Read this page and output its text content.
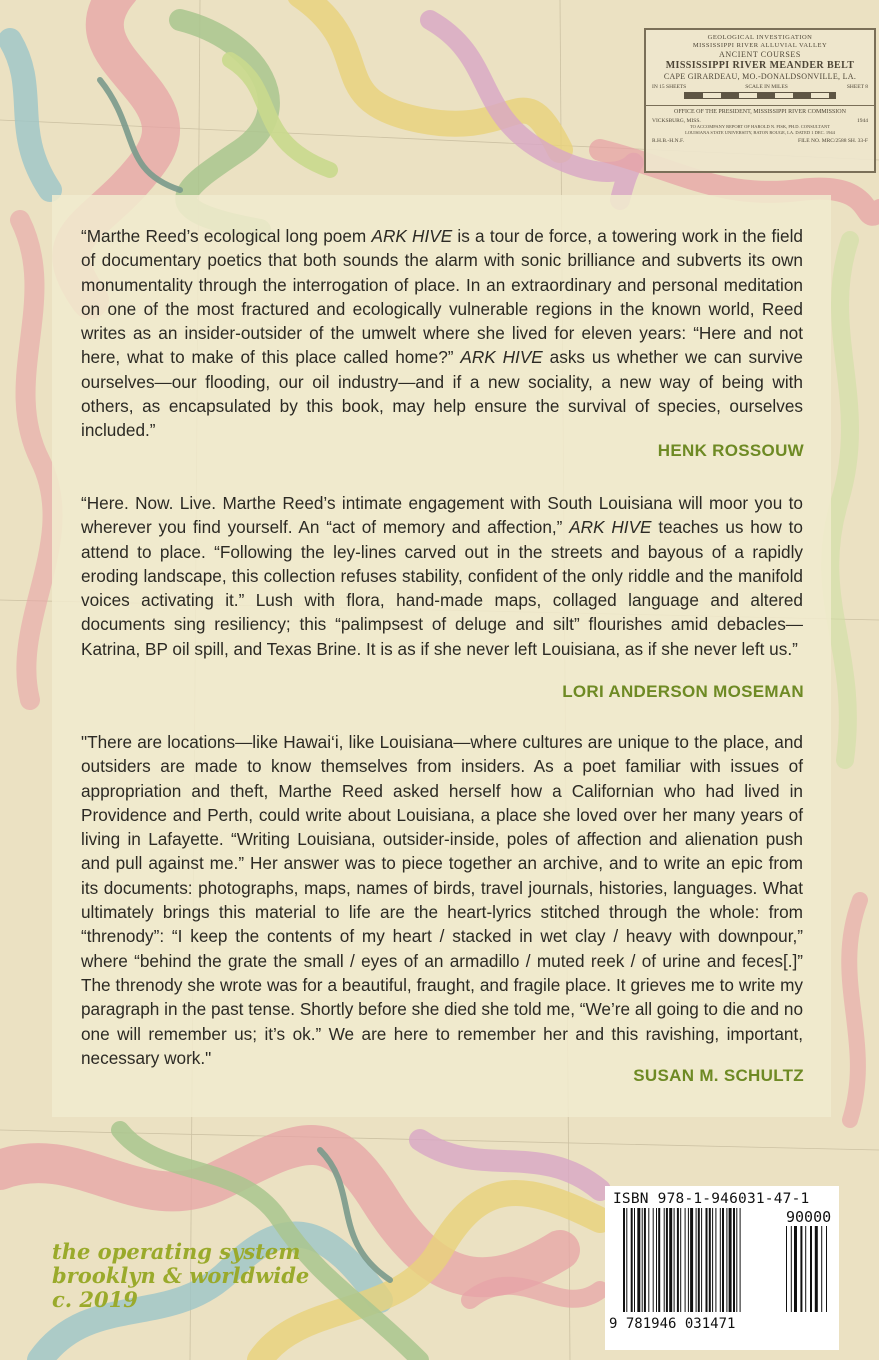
GEOLOGICAL INVESTIGATION
MISSISSIPPI RIVER ALLUVIAL VALLEY
ANCIENT COURSES
MISSISSIPPI RIVER MEANDER BELT
CAPE GIRARDEAU, MO.-DONALDSONVILLE, LA.
IN 15 SHEETS	SCALE IN MILES	SHEET 8
OFFICE OF THE PRESIDENT, MISSISSIPPI RIVER COMMISSION
VICKSBURG, MISS.	1944
TO ACCOMPANY REPORT OF HAROLD N. FISK, PH.D. CONSULTANT
LOUISIANA STATE UNIVERSITY, BATON ROUGE, LA. DATED 1 DEC. 1944
R.H.B.-H.N.F.	FILE NO. MRC/2588 SH. 33-F

“Marthe Reed’s ecological long poem ARK HIVE is a tour de force, a towering work in the field of documentary poetics that both sounds the alarm with sonic brilliance and subverts its own monumentality through the interrogation of place. In an extraordinary and personal meditation on one of the most fractured and ecologically vulnerable regions in the known world, Reed writes as an insider-outsider of the umwelt where she lived for eleven years: “Here and not here, what to make of this place called home?” ARK HIVE asks us whether we can survive ourselves—our flooding, our oil industry—and if a new sociality, a new way of being with others, as encapsulated by this book, may help ensure the survival of species, ourselves included.”

HENK ROSSOUW

“Here. Now. Live. Marthe Reed’s intimate engagement with South Louisiana will moor you to wherever you find yourself. An “act of memory and affection,” ARK HIVE teaches us how to attend to place. “Following the ley-lines carved out in the streets and bayous of a rapidly eroding landscape, this collection refuses stability, confident of the only riddle and the manifold voices activating it.” Lush with flora, hand-made maps, collaged language and altered documents sing resiliency; this “palimpsest of deluge and silt” flourishes amid debacles—Katrina, BP oil spill, and Texas Brine. It is as if she never left Louisiana, as if she never left us.”

LORI ANDERSON MOSEMAN

"There are locations—like Hawai‘i, like Louisiana—where cultures are unique to the place, and outsiders are made to know themselves from insiders. As a poet familiar with issues of appropriation and theft, Marthe Reed asked herself how a Californian who had lived in Providence and Perth, could write about Louisiana, a place she loved over her many years of living in Lafayette. “Writing Louisiana, outsider-inside, poles of affection and alienation push and pull against me.” Her answer was to piece together an archive, and to write an epic from its documents: photographs, maps, names of birds, travel journals, histories, languages. What ultimately brings this material to life are the heart-lyrics stitched through the whole: from “threnody”: “I keep the contents of my heart / stacked in wet clay / heavy with downpour,” where “behind the grate the small / eyes of an armadillo / muted reek / of urine and feces[.]” The threnody she wrote was for a beautiful, fraught, and fragile place. It grieves me to write my paragraph in the past tense. Shortly before she died she told me, “We’re all going to die and no one will remember us; it’s ok.” We are here to remember her and this ravishing, important, necessary work."

SUSAN M. SCHULTZ

the operating system
brooklyn & worldwide
c. 2019

ISBN 978-1-946031-47-1

90000

9 781946 031471
